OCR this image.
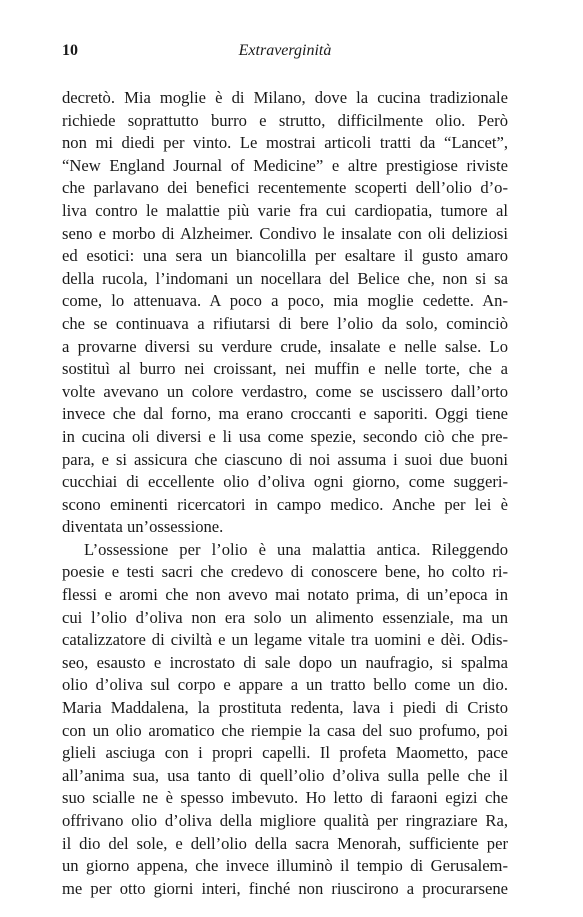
10	Extraverginità
decretò. Mia moglie è di Milano, dove la cucina tradizionale
richiede soprattutto burro e strutto, difficilmente olio. Però
non mi diedi per vinto. Le mostrai articoli tratti da “Lancet”,
“New England Journal of Medicine” e altre prestigiose riviste
che parlavano dei benefici recentemente scoperti dell’olio d’o-
liva contro le malattie più varie fra cui cardiopatia, tumore al
seno e morbo di Alzheimer. Condivo le insalate con oli deliziosi
ed esotici: una sera un biancolilla per esaltare il gusto amaro
della rucola, l’indomani un nocellara del Belice che, non si sa
come, lo attenuava. A poco a poco, mia moglie cedette. An-
che se continuava a rifiutarsi di bere l’olio da solo, cominciò
a provarne diversi su verdure crude, insalate e nelle salse. Lo
sostituì al burro nei croissant, nei muffin e nelle torte, che a
volte avevano un colore verdastro, come se uscissero dall’orto
invece che dal forno, ma erano croccanti e saporiti. Oggi tiene
in cucina oli diversi e li usa come spezie, secondo ciò che pre-
para, e si assicura che ciascuno di noi assuma i suoi due buoni
cucchiai di eccellente olio d’oliva ogni giorno, come suggeri-
scono eminenti ricercatori in campo medico. Anche per lei è
diventata un’ossessione.
L’ossessione per l’olio è una malattia antica. Rileggendo
poesie e testi sacri che credevo di conoscere bene, ho colto ri-
flessi e aromi che non avevo mai notato prima, di un’epoca in
cui l’olio d’oliva non era solo un alimento essenziale, ma un
catalizzatore di civiltà e un legame vitale tra uomini e dèi. Odis-
seo, esausto e incrostato di sale dopo un naufragio, si spalma
olio d’oliva sul corpo e appare a un tratto bello come un dio.
Maria Maddalena, la prostituta redenta, lava i piedi di Cristo
con un olio aromatico che riempie la casa del suo profumo, poi
glieli asciuga con i propri capelli. Il profeta Maometto, pace
all’anima sua, usa tanto di quell’olio d’oliva sulla pelle che il
suo scialle ne è spesso imbevuto. Ho letto di faraoni egizi che
offrivano olio d’oliva della migliore qualità per ringraziare Ra,
il dio del sole, e dell’olio della sacra Menorah, sufficiente per
un giorno appena, che invece illuminò il tempio di Gerusalem-
me per otto giorni interi, finché non riuscirono a procurarsene
